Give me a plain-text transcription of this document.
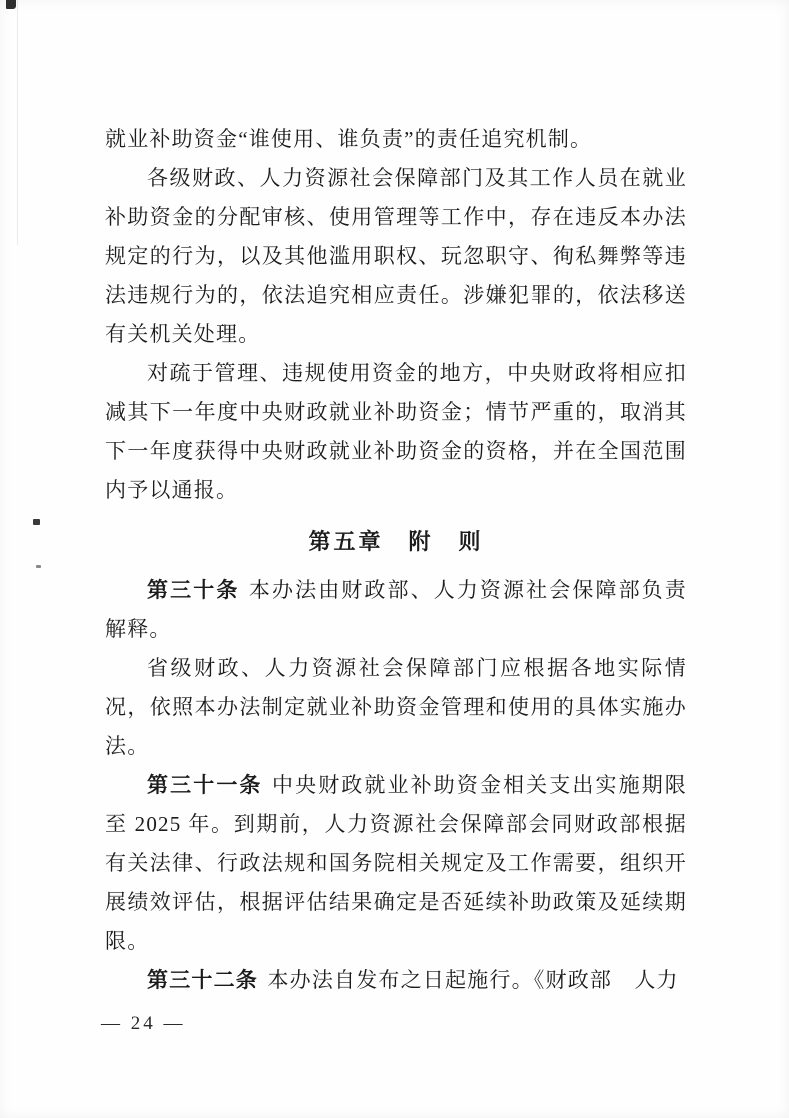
就业补助资金“谁使用、谁负责”的责任追究机制。

各级财政、人力资源社会保障部门及其工作人员在就业补助资金的分配审核、使用管理等工作中，存在违反本办法规定的行为，以及其他滥用职权、玩忽职守、徇私舞弊等违法违规行为的，依法追究相应责任。涉嫌犯罪的，依法移送有关机关处理。

对疏于管理、违规使用资金的地方，中央财政将相应扣减其下一年度中央财政就业补助资金；情节严重的，取消其下一年度获得中央财政就业补助资金的资格，并在全国范围内予以通报。

第五章　附　则

第三十条 本办法由财政部、人力资源社会保障部负责解释。

省级财政、人力资源社会保障部门应根据各地实际情况，依照本办法制定就业补助资金管理和使用的具体实施办法。

第三十一条 中央财政就业补助资金相关支出实施期限至 2025 年。到期前，人力资源社会保障部会同财政部根据有关法律、行政法规和国务院相关规定及工作需要，组织开展绩效评估，根据评估结果确定是否延续补助政策及延续期限。

第三十二条 本办法自发布之日起施行。《财政部　人力

— 24 —
